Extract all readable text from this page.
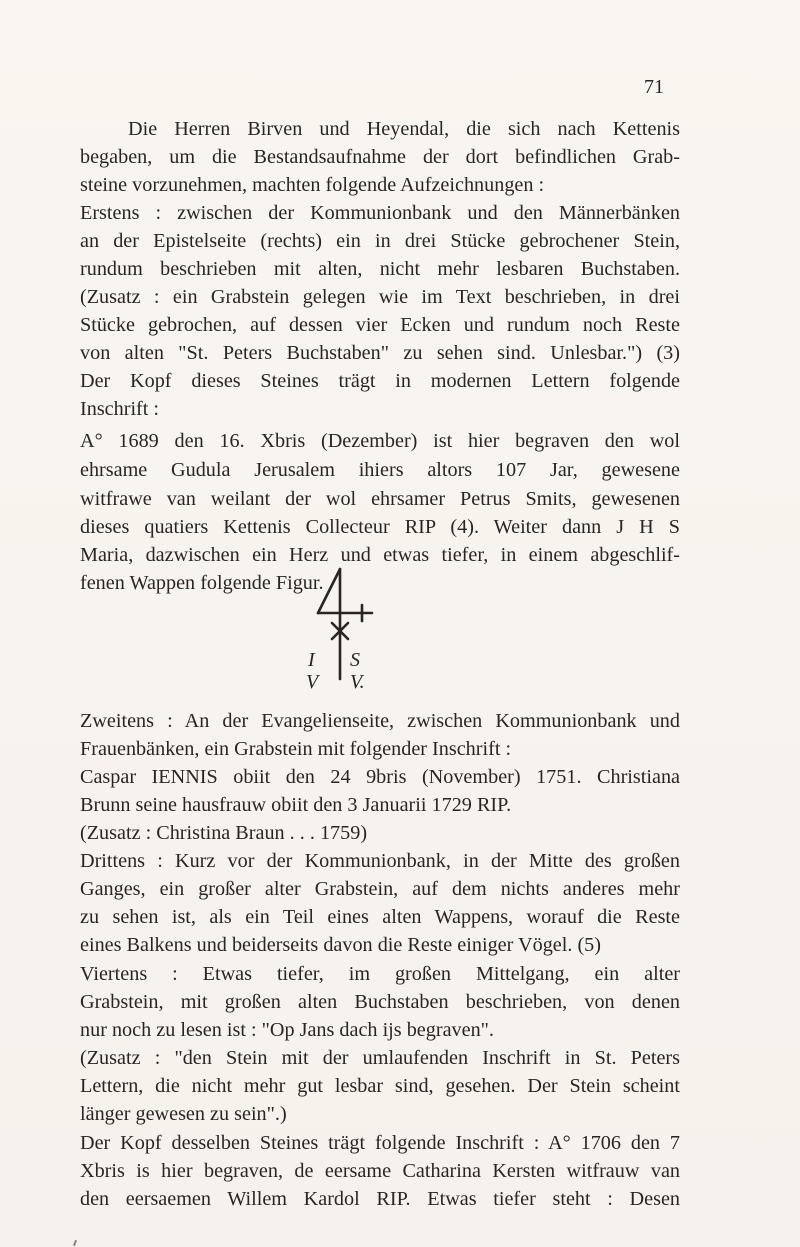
71
Die Herren Birven und Heyendal, die sich nach Kettenis
begaben, um die Bestandsaufnahme der dort befindlichen Grab-
steine vorzunehmen, machten folgende Aufzeichnungen :
Erstens : zwischen der Kommunionbank und den Männerbänken
an der Epistelseite (rechts) ein in drei Stücke gebrochener Stein,
rundum beschrieben mit alten, nicht mehr lesbaren Buchstaben.
(Zusatz : ein Grabstein gelegen wie im Text beschrieben, in drei
Stücke gebrochen, auf dessen vier Ecken und rundum noch Reste
von alten "St. Peters Buchstaben" zu sehen sind. Unlesbar.") (3)
Der Kopf dieses Steines trägt in modernen Lettern folgende
Inschrift :
A° 1689 den 16. Xbris (Dezember) ist hier begraven den wol
ehrsame Gudula Jerusalem ihiers altors 107 Jar, gewesene
witfrawe van weilant der wol ehrsamer Petrus Smits, gewesenen
dieses quatiers Kettenis Collecteur RIP (4). Weiter dann J H S
Maria, dazwischen ein Herz und etwas tiefer, in einem abgeschlif-
fenen Wappen folgende Figur.
Zweitens : An der Evangelienseite, zwischen Kommunionbank und
Frauenbänken, ein Grabstein mit folgender Inschrift :
Caspar IENNIS obiit den 24 9bris (November) 1751. Christiana
Brunn seine hausfrauw obiit den 3 Januarii 1729 RIP.
(Zusatz : Christina Braun . . . 1759)
Drittens : Kurz vor der Kommunionbank, in der Mitte des großen
Ganges, ein großer alter Grabstein, auf dem nichts anderes mehr
zu sehen ist, als ein Teil eines alten Wappens, worauf die Reste
eines Balkens und beiderseits davon die Reste einiger Vögel. (5)
Viertens : Etwas tiefer, im großen Mittelgang, ein alter
Grabstein, mit großen alten Buchstaben beschrieben, von denen
nur noch zu lesen ist : "Op Jans dach ijs begraven".
(Zusatz : "den Stein mit der umlaufenden Inschrift in St. Peters
Lettern, die nicht mehr gut lesbar sind, gesehen. Der Stein scheint
länger gewesen zu sein".)
Der Kopf desselben Steines trägt folgende Inschrift : A° 1706 den 7
Xbris is hier begraven, de eersame Catharina Kersten witfrauw van
den eersaemen Willem Kardol RIP. Etwas tiefer steht : Desen
I S
V V.
